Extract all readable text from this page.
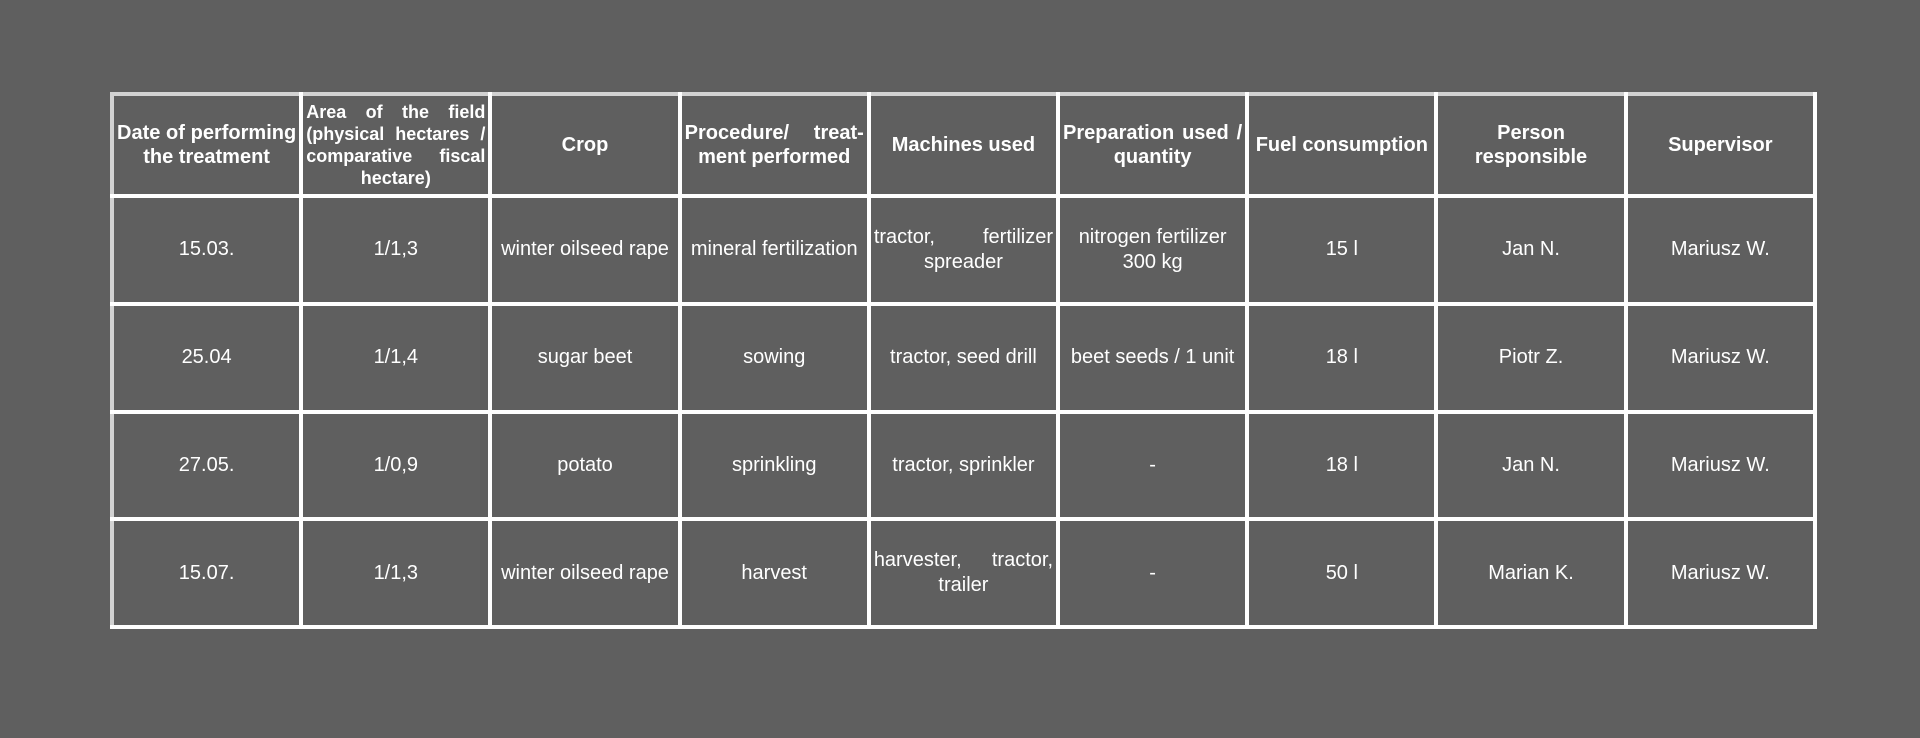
Date of performing the treatment	Area of the field (physical hectares / comparative fiscal hectare)	Crop	Procedure/ treat-ment performed	Machines used	Preparation used / quantity	Fuel consumption	Person responsible	Supervisor
15.03.	1/1,3	winter oilseed rape	mineral fertilization	tractor, fertilizer spreader	nitrogen fertilizer 300 kg	15 l	Jan N.	Mariusz W.
25.04	1/1,4	sugar beet	sowing	tractor, seed drill	beet seeds / 1 unit	18 l	Piotr Z.	Mariusz W.
27.05.	1/0,9	potato	sprinkling	tractor, sprinkler	-	18 l	Jan N.	Mariusz W.
15.07.	1/1,3	winter oilseed rape	harvest	harvester, tractor, trailer	-	50 l	Marian K.	Mariusz W.
